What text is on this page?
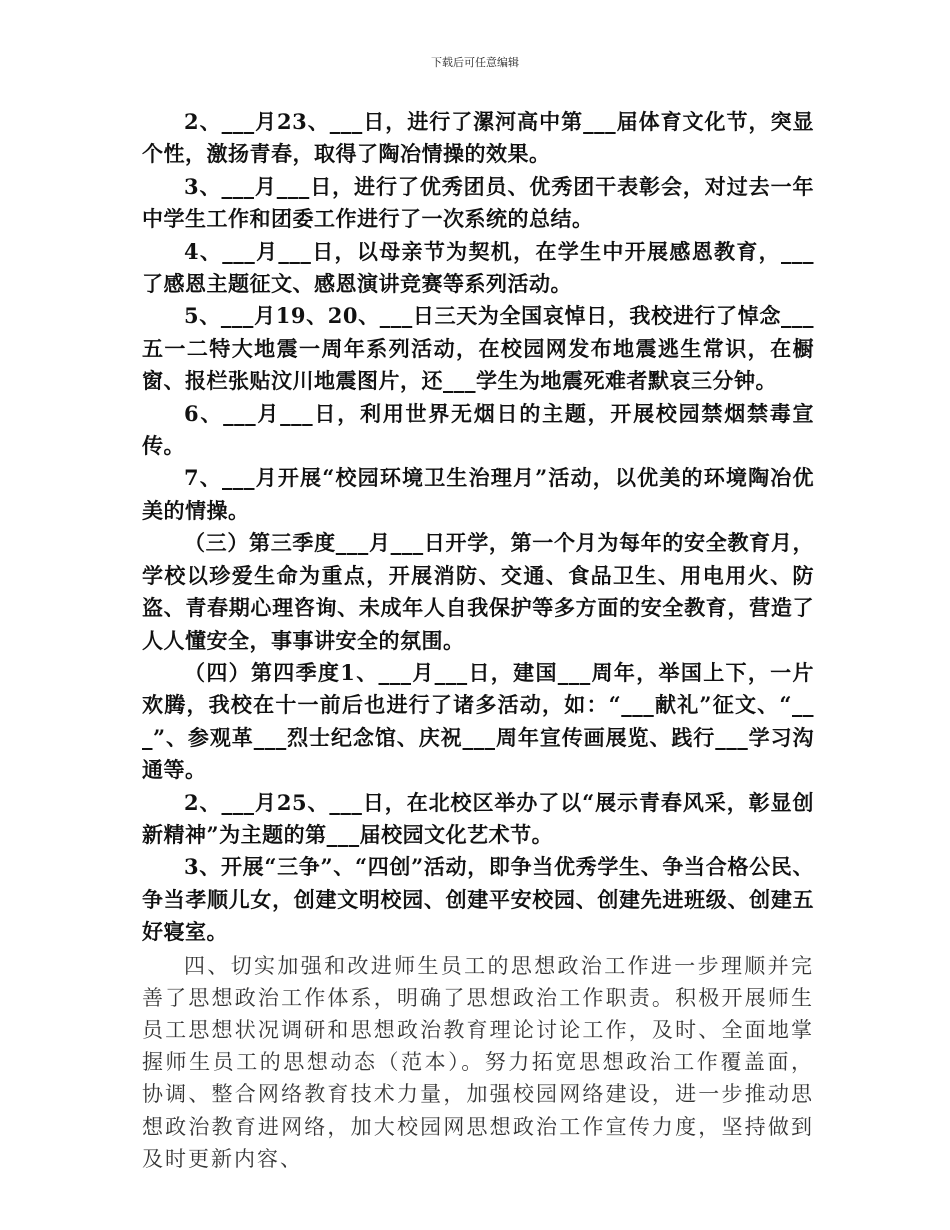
下载后可任意编辑

2、___月23、___日，进行了漯河高中第___届体育文化节，突显个性，激扬青春，取得了陶冶情操的效果。

3、___月___日，进行了优秀团员、优秀团干表彰会，对过去一年中学生工作和团委工作进行了一次系统的总结。

4、___月___日，以母亲节为契机，在学生中开展感恩教育，___了感恩主题征文、感恩演讲竞赛等系列活动。

5、___月19、20、___日三天为全国哀悼日，我校进行了悼念___五一二特大地震一周年系列活动，在校园网发布地震逃生常识，在橱窗、报栏张贴汶川地震图片，还___学生为地震死难者默哀三分钟。

6、___月___日，利用世界无烟日的主题，开展校园禁烟禁毒宣传。

7、___月开展“校园环境卫生治理月”活动，以优美的环境陶冶优美的情操。

（三）第三季度___月___日开学，第一个月为每年的安全教育月，学校以珍爱生命为重点，开展消防、交通、食品卫生、用电用火、防盗、青春期心理咨询、未成年人自我保护等多方面的安全教育，营造了人人懂安全，事事讲安全的氛围。

（四）第四季度1、___月___日，建国___周年，举国上下，一片欢腾，我校在十一前后也进行了诸多活动，如：“___献礼”征文、“___”、参观革___烈士纪念馆、庆祝___周年宣传画展览、践行___学习沟通等。

2、___月25、___日，在北校区举办了以“展示青春风采，彰显创新精神”为主题的第___届校园文化艺术节。

3、开展“三争”、“四创”活动，即争当优秀学生、争当合格公民、争当孝顺儿女，创建文明校园、创建平安校园、创建先进班级、创建五好寝室。

四、切实加强和改进师生员工的思想政治工作进一步理顺并完善了思想政治工作体系，明确了思想政治工作职责。积极开展师生员工思想状况调研和思想政治教育理论讨论工作，及时、全面地掌握师生员工的思想动态（范本）。努力拓宽思想政治工作覆盖面，协调、整合网络教育技术力量，加强校园网络建设，进一步推动思想政治教育进网络，加大校园网思想政治工作宣传力度，坚持做到及时更新内容、
